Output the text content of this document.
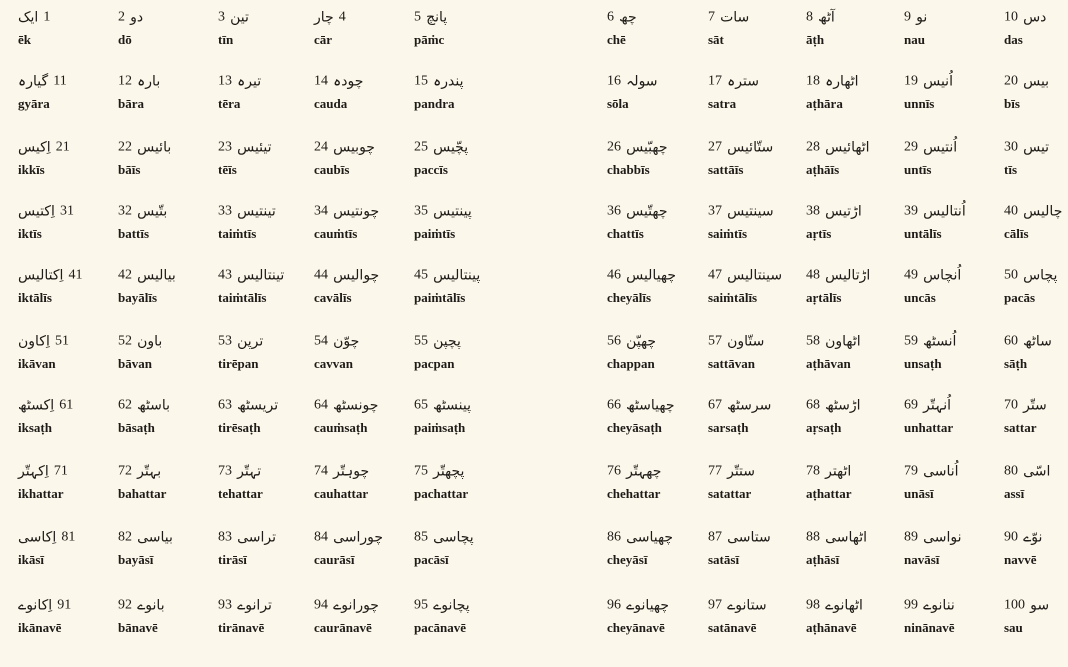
ایک 1
ēk
2 دو
dō
3 تین
tīn
چار 4
cār
5 پانچ
pāṁc
6 چھ
chē
7 سات
sāt
8 آٹھ
āṭh
9 نو
nau
10 دس
das
گیارہ 11
gyāra
12 بارہ
bāra
13 تیرہ
tēra
14 چودہ
cauda
15 پندرہ
pandra
16 سولہ
sōla
17 سترہ
satra
18 اٹھارہ
aṭhāra
19 اُنیس
unnīs
20 بیس
bīs
اِکیس 21
ikkīs
22 بائیس
bāīs
23 تیئیس
tēīs
24 چوبیس
caubīs
25 پچّیس
paccīs
26 چھبّیس
chabbīs
27 ستّائیس
sattāīs
28 اٹھائیس
aṭhāīs
29 اُنتیس
untīs
30 تیس
tīs
اِکتیس 31
iktīs
32 بتّیس
battīs
33 تینتیس
taiṁtīs
34 چونتیس
cauṁtīs
35 پینتیس
paiṁtīs
36 چھتّیس
chattīs
37 سینتیس
saiṁtīs
38 اڑتیس
aṛtīs
39 اُنتالیس
untālīs
40 چالیس
cālīs
اِکتالیس 41
iktālīs
42 بیالیس
bayālīs
43 تینتالیس
taiṁtālīs
44 چوالیس
cavālīs
45 پینتالیس
paiṁtālīs
46 چھیالیس
cheyālīs
47 سینتالیس
saiṁtālīs
48 اڑتالیس
aṛtālīs
49 اُنچاس
uncās
50 پچاس
pacās
اِکاون 51
ikāvan
52 باون
bāvan
53 ترپن
tirēpan
54 چوّن
cavvan
55 پچپن
pacpan
56 چھپّن
chappan
57 ستّاون
sattāvan
58 اٹھاون
aṭhāvan
59 اُنسٹھ
unsaṭh
60 ساٹھ
sāṭh
اِکسٹھ 61
iksaṭh
62 باسٹھ
bāsaṭh
63 تریسٹھ
tirēsaṭh
64 چونسٹھ
cauṁsaṭh
65 پینسٹھ
paiṁsaṭh
66 چھیاسٹھ
cheyāsaṭh
67 سرسٹھ
sarsaṭh
68 اڑسٹھ
aṛsaṭh
69 اُنہتّر
unhattar
70 ستّر
sattar
اِکہتّر 71
ikhattar
72 بہتّر
bahattar
73 تہتّر
tehattar
74 چوہتّر
cauhattar
75 پچھتّر
pachattar
76 چھہتّر
chehattar
77 ستتّر
satattar
78 اٹھتر
aṭhattar
79 اُناسی
unāsī
80 اسّی
assī
اِکاسی 81
ikāsī
82 بیاسی
bayāsī
83 تراسی
tirāsī
84 چوراسی
caurāsī
85 پچاسی
pacāsī
86 چھیاسی
cheyāsī
87 ستاسی
satāsī
88 اٹھاسی
aṭhāsī
89 نواسی
navāsī
90 نوّے
navvē
اِکانوے 91
ikānavē
92 بانوے
bānavē
93 ترانوے
tirānavē
94 چورانوے
caurānavē
95 پچانوے
pacānavē
96 چھیانوے
cheyānavē
97 ستانوے
satānavē
98 اٹھانوے
aṭhānavē
99 ننانوے
ninānavē
100 سو
sau
